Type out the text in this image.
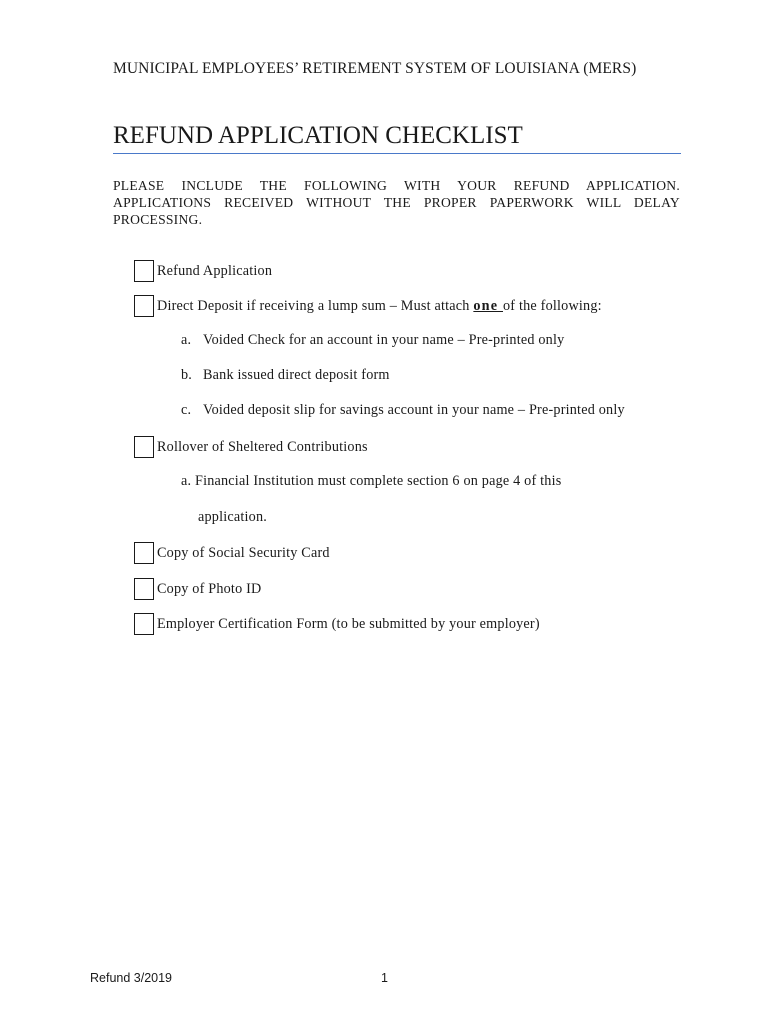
MUNICIPAL EMPLOYEES’ RETIREMENT SYSTEM OF LOUISIANA (MERS)
REFUND APPLICATION CHECKLIST
PLEASE INCLUDE THE FOLLOWING WITH YOUR REFUND APPLICATION. APPLICATIONS RECEIVED WITHOUT THE PROPER PAPERWORK WILL DELAY PROCESSING.
Refund Application
Direct Deposit if receiving a lump sum – Must attach one of the following:
a. Voided Check for an account in your name – Pre-printed only
b. Bank issued direct deposit form
c. Voided deposit slip for savings account in your name – Pre-printed only
Rollover of Sheltered Contributions
a. Financial Institution must complete section 6 on page 4 of this
application.
Copy of Social Security Card
Copy of Photo ID
Employer Certification Form (to be submitted by your employer)
Refund 3/2019	1
